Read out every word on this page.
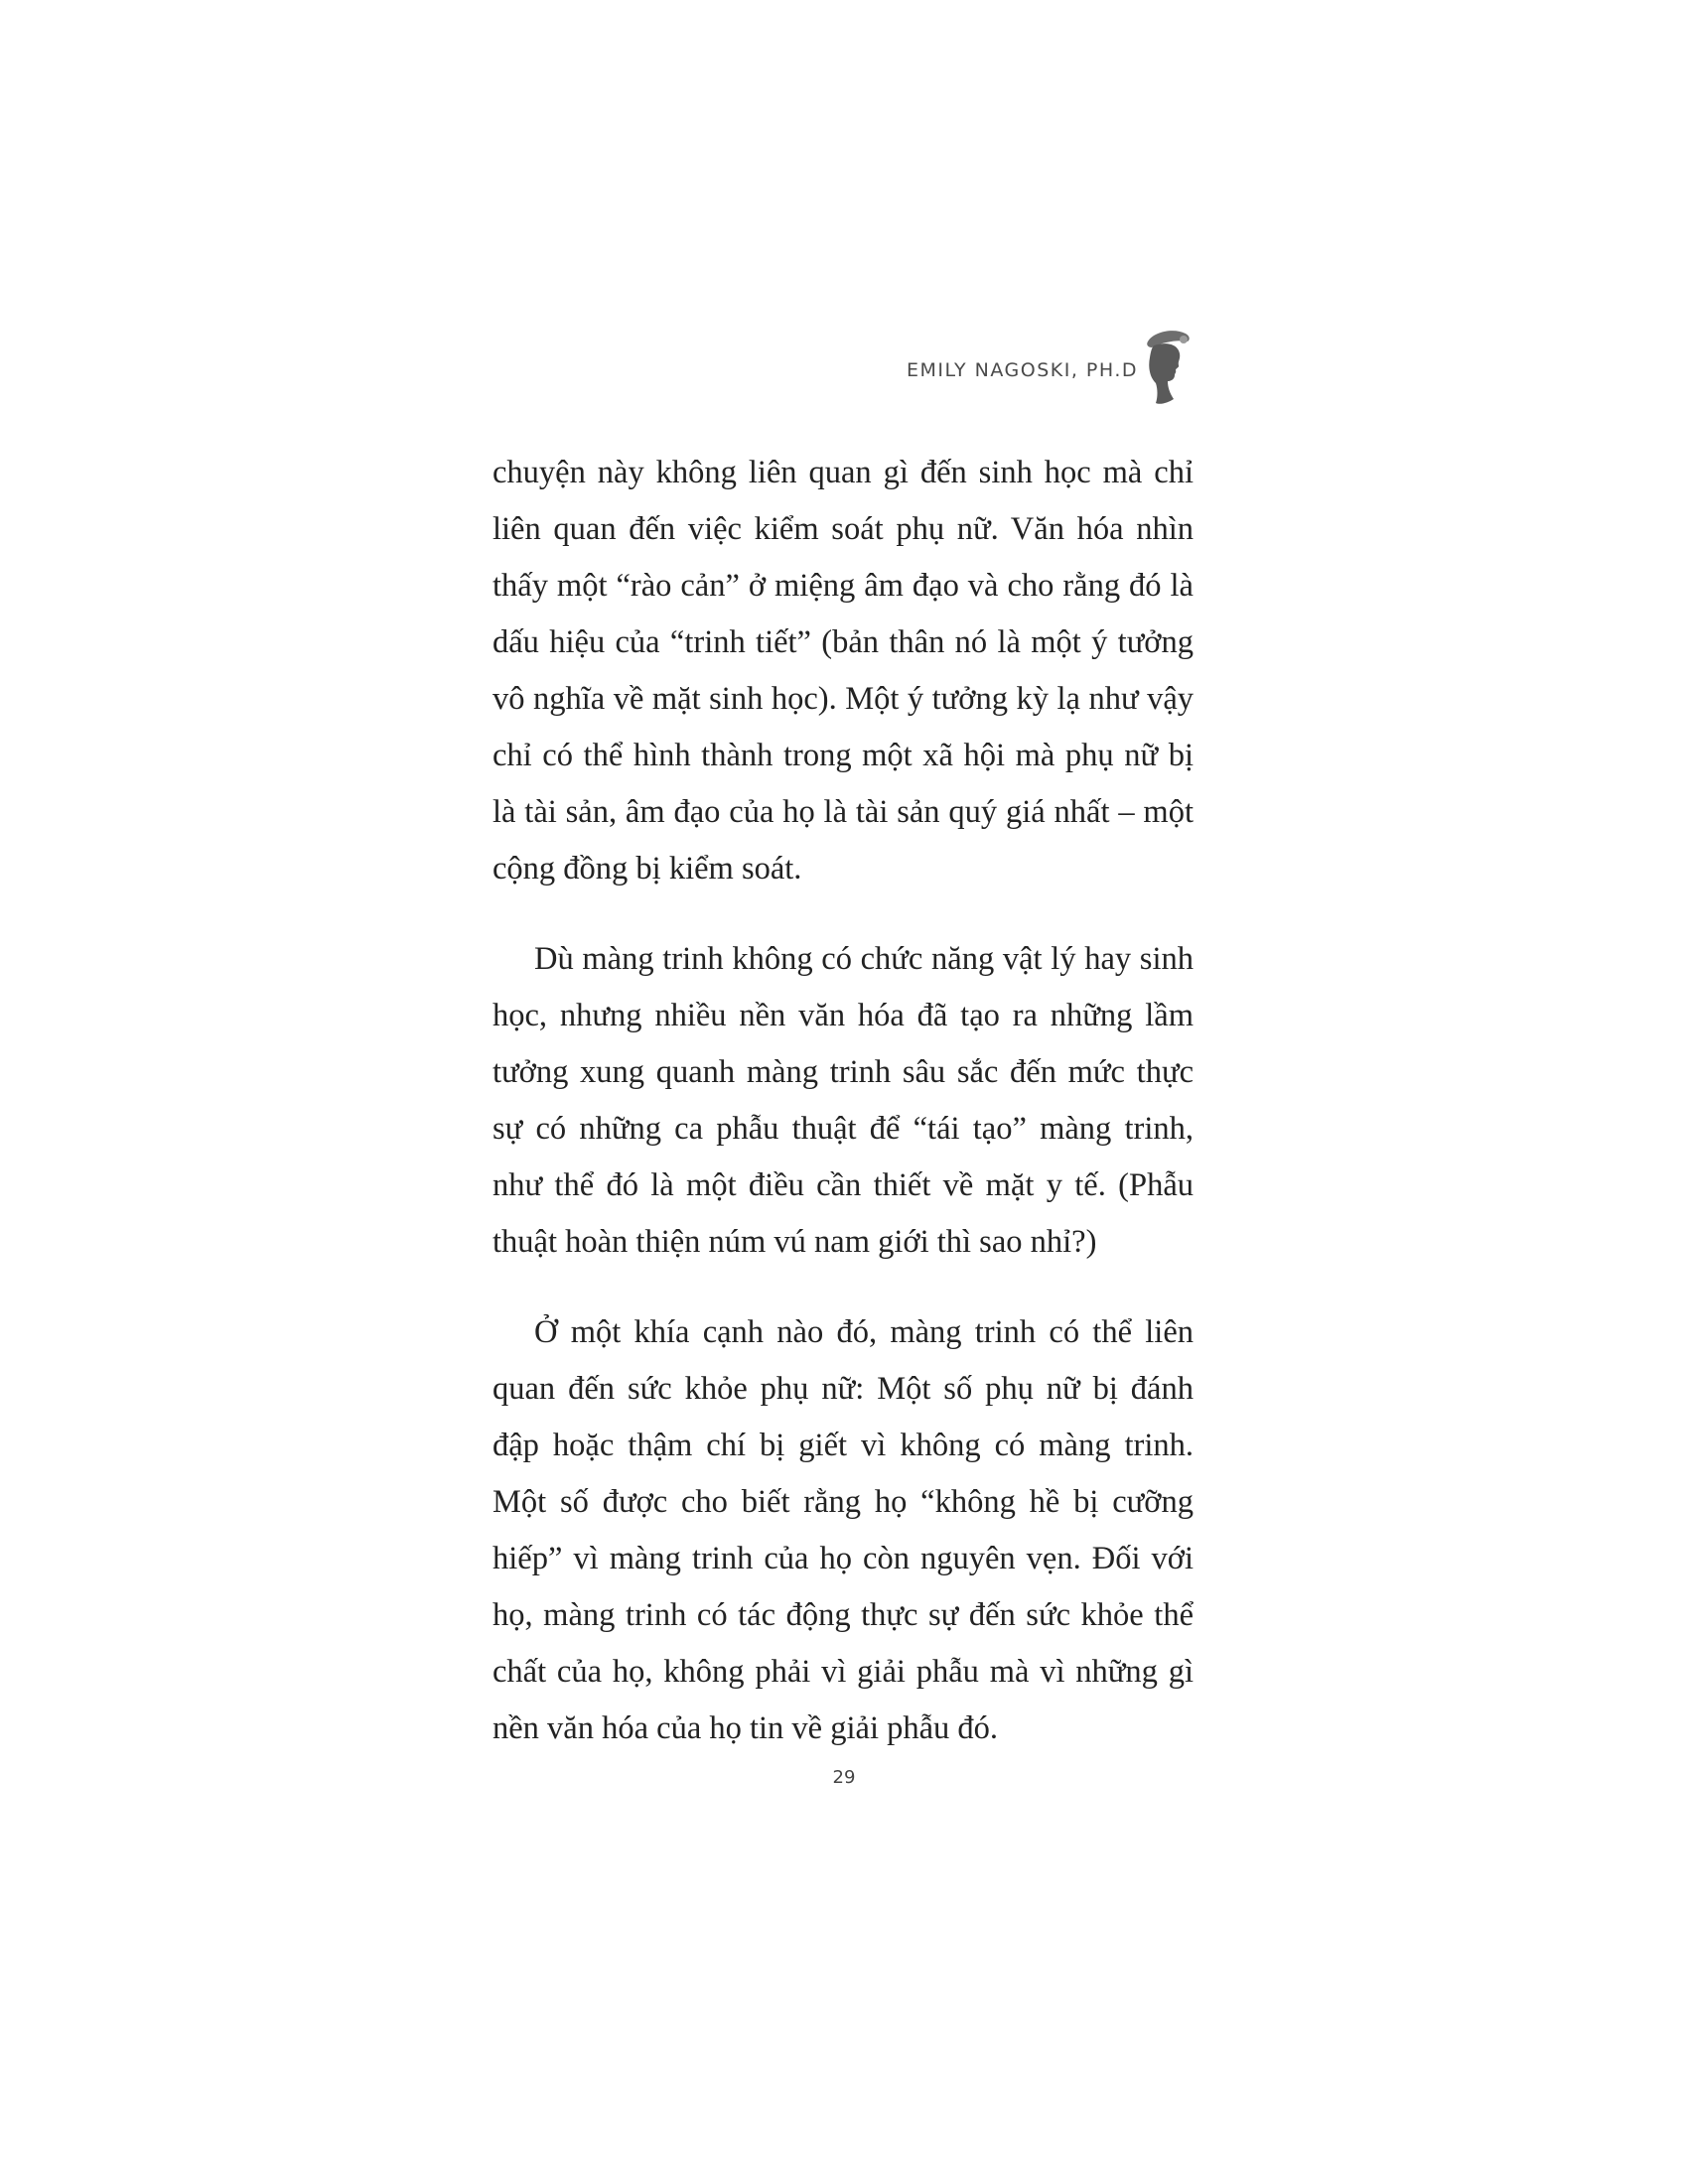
EMILY NAGOSKI, PH.D

chuyện này không liên quan gì đến sinh học mà chỉ liên quan đến việc kiểm soát phụ nữ. Văn hóa nhìn thấy một “rào cản” ở miệng âm đạo và cho rằng đó là dấu hiệu của “trinh tiết” (bản thân nó là một ý tưởng vô nghĩa về mặt sinh học). Một ý tưởng kỳ lạ như vậy chỉ có thể hình thành trong một xã hội mà phụ nữ bị là tài sản, âm đạo của họ là tài sản quý giá nhất – một cộng đồng bị kiểm soát.

Dù màng trinh không có chức năng vật lý hay sinh học, nhưng nhiều nền văn hóa đã tạo ra những lầm tưởng xung quanh màng trinh sâu sắc đến mức thực sự có những ca phẫu thuật để “tái tạo” màng trinh, như thể đó là một điều cần thiết về mặt y tế. (Phẫu thuật hoàn thiện núm vú nam giới thì sao nhỉ?)

Ở một khía cạnh nào đó, màng trinh có thể liên quan đến sức khỏe phụ nữ: Một số phụ nữ bị đánh đập hoặc thậm chí bị giết vì không có màng trinh. Một số được cho biết rằng họ “không hề bị cưỡng hiếp” vì màng trinh của họ còn nguyên vẹn. Đối với họ, màng trinh có tác động thực sự đến sức khỏe thể chất của họ, không phải vì giải phẫu mà vì những gì nền văn hóa của họ tin về giải phẫu đó.

29
